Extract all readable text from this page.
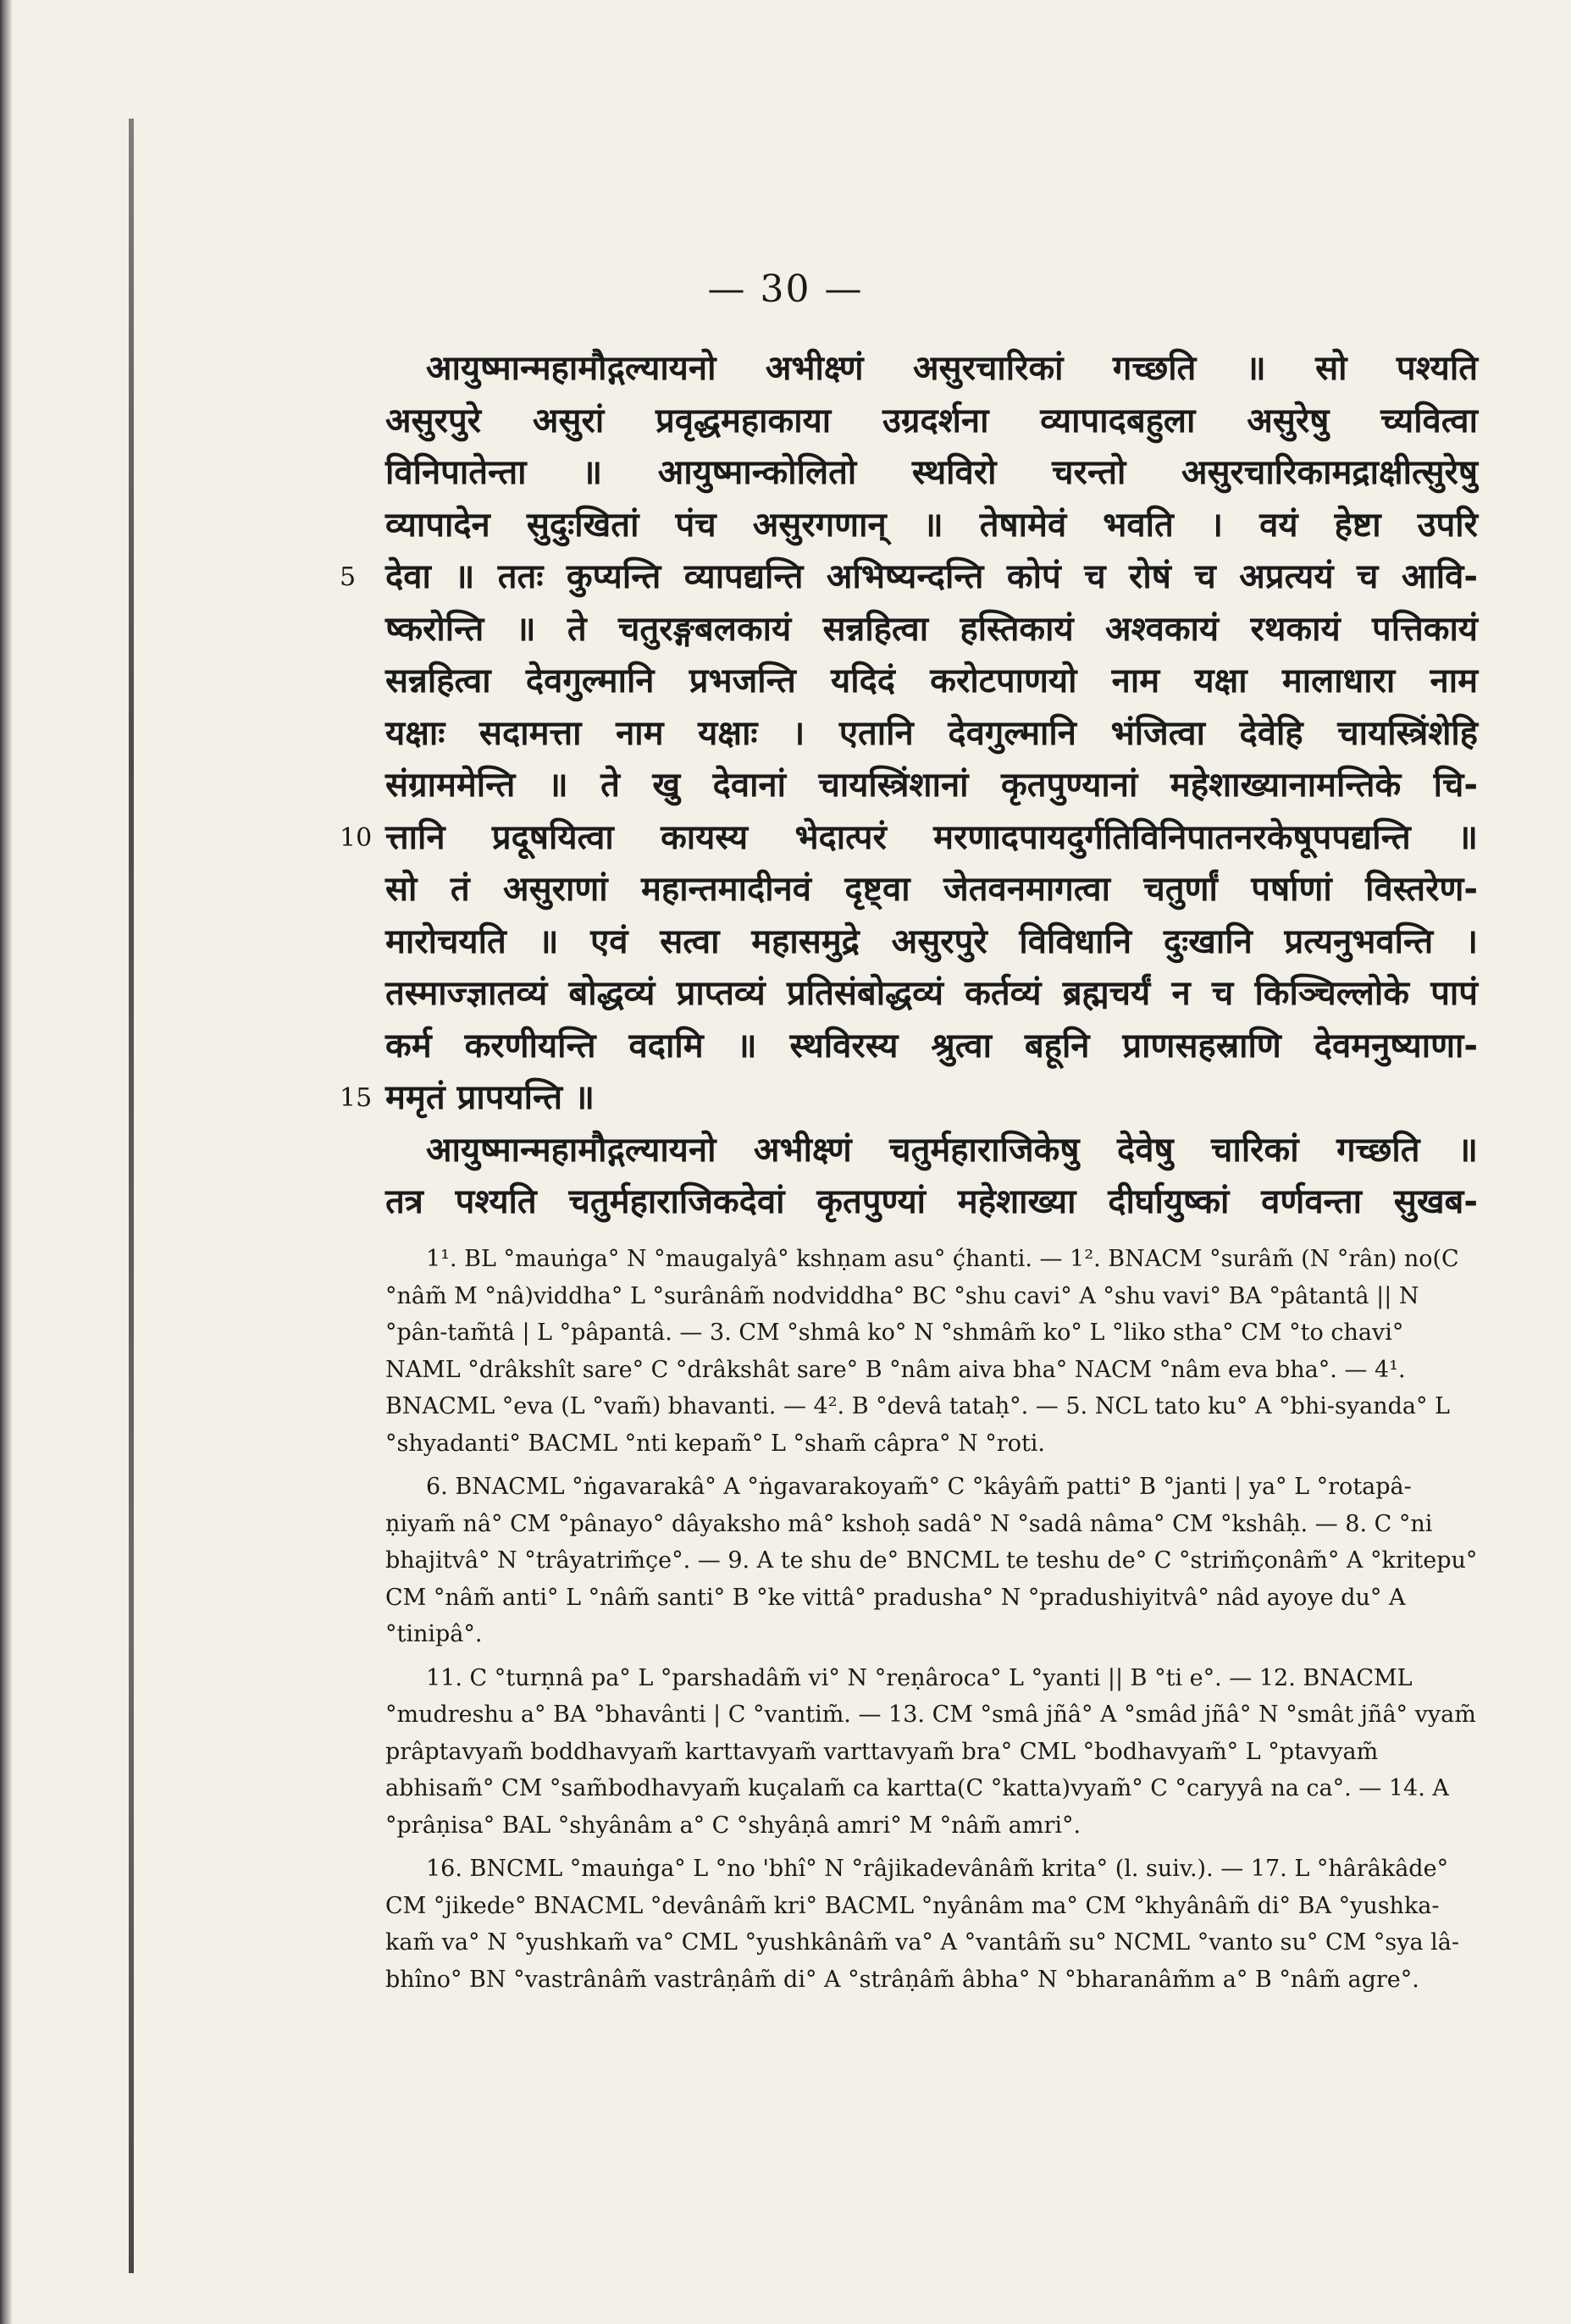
— 30 —
आयुष्मान्महामौद्गल्यायनो अभीक्ष्णं असुरचारिकां गच्छति ॥ सो पश्यति
असुरपुरे असुरां प्रवृद्धमहाकाया उग्रदर्शना व्यापादबहुला असुरेषु च्यवित्वा
विनिपातेन्ता ॥ आयुष्मान्कोलितो स्थविरो चरन्तो असुरचारिकामद्राक्षीत्सुरेषु
व्यापादेन सुदुःखितां पंच असुरगणान् ॥ तेषामेवं भवति । वयं हेष्टा उपरि
5 देवा ॥ ततः कुप्यन्ति व्यापद्यन्ति अभिष्यन्दन्ति कोपं च रोषं च अप्रत्ययं च आवि-
ष्करोन्ति ॥ ते चतुरङ्गबलकायं सन्नहित्वा हस्तिकायं अश्वकायं रथकायं पत्तिकायं
सन्नहित्वा देवगुल्मानि प्रभजन्ति यदिदं करोटपाणयो नाम यक्षा मालाधारा नाम
यक्षाः सदामत्ता नाम यक्षाः । एतानि देवगुल्मानि भंजित्वा देवेहि चायस्त्रिंशेहि
संग्राममेन्ति ॥ ते खु देवानां चायस्त्रिंशानां कृतपुण्यानां महेशाख्यानामन्तिके चि-
10 त्तानि प्रदूषयित्वा कायस्य भेदात्परं मरणादपायदुर्गतिविनिपातनरकेषूपपद्यन्ति ॥
सो तं असुराणां महान्तमादीनवं दृष्ट्वा जेतवनमागत्वा चतुर्णां पर्षाणां विस्तरेण-
मारोचयति ॥ एवं सत्वा महासमुद्रे असुरपुरे विविधानि दुःखानि प्रत्यनुभवन्ति ।
तस्माज्ज्ञातव्यं बोद्धव्यं प्राप्तव्यं प्रतिसंबोद्धव्यं कर्तव्यं ब्रह्मचर्यं न च किञ्चिल्लोके पापं
कर्म करणीयन्ति वदामि ॥ स्थविरस्य श्रुत्वा बहूनि प्राणसहस्राणि देवमनुष्याणा-
15 ममृतं प्रापयन्ति ॥
आयुष्मान्महामौद्गल्यायनो अभीक्ष्णं चतुर्महाराजिकेषु देवेषु चारिकां गच्छति ॥
तत्र पश्यति चतुर्महाराजिकदेवां कृतपुण्यां महेशाख्या दीर्घायुष्कां वर्णवन्ता सुखब-

1¹. BL °mauṅga° N °maugalyâ° kshṇam asu° ḉhanti. — 1². BNACM °surâm̃ (N °rân) no(C °nâm̃ M °nâ)viddha° L °surânâm̃ nodviddha° BC °shu cavi° A °shu vavi° BA °pâtantâ || N °pân-tam̃tâ | L °pâpantâ. — 3. CM °shmâ ko° N °shmâm̃ ko° L °liko stha° CM °to chavi° NAML °drâkshît sare° C °drâkshât sare° B °nâm aiva bha° NACM °nâm eva bha°. — 4¹. BNACML °eva (L °vam̃) bhavanti. — 4². B °devâ tataḥ°. — 5. NCL tato ku° A °bhi-syanda° L °shyadanti° BACML °nti kepam̃° L °sham̃ câpra° N °roti.

6. BNACML °ṅgavarakâ° A °ṅgavarakoyam̃° C °kâyâm̃ patti° B °janti | ya° L °rotapâ-ṇiyam̃ nâ° CM °pânayo° dâyaksho mâ° kshoḥ sadâ° N °sadâ nâma° CM °kshâḥ. — 8. C °ni bhajitvâ° N °trâyatrim̃çe°. — 9. A te shu de° BNCML te teshu de° C °strim̃çonâm̃° A °kritepu° CM °nâm̃ anti° L °nâm̃ santi° B °ke vittâ° pradusha° N °pradushiyitvâ° nâd ayoye du° A °tinipâ°.

11. C °turṇnâ pa° L °parshadâm̃ vi° N °reṇâroca° L °yanti || B °ti e°. — 12. BNACML °mudreshu a° BA °bhavânti | C °vantim̃. — 13. CM °smâ jñâ° A °smâd jñâ° N °smât jñâ° vyam̃ prâptavyam̃ boddhavyam̃ karttavyam̃ varttavyam̃ bra° CML °bodhavyam̃° L °ptavyam̃ abhisam̃° CM °sam̃bodhavyam̃ kuçalam̃ ca kartta(C °katta)vyam̃° C °caryyâ na ca°. — 14. A °prâṇisa° BAL °shyânâm a° C °shyâṇâ amri° M °nâm̃ amri°.

16. BNCML °mauṅga° L °no 'bhî° N °râjikadevânâm̃ krita° (l. suiv.). — 17. L °hârâkâde° CM °jikede° BNACML °devânâm̃ kri° BACML °nyânâm ma° CM °khyânâm̃ di° BA °yushka-kam̃ va° N °yushkam̃ va° CML °yushkânâm̃ va° A °vantâm̃ su° NCML °vanto su° CM °sya lâ-bhîno° BN °vastrânâm̃ vastrâṇâm̃ di° A °strâṇâm̃ âbha° N °bharanâm̃m a° B °nâm̃ agre°.
